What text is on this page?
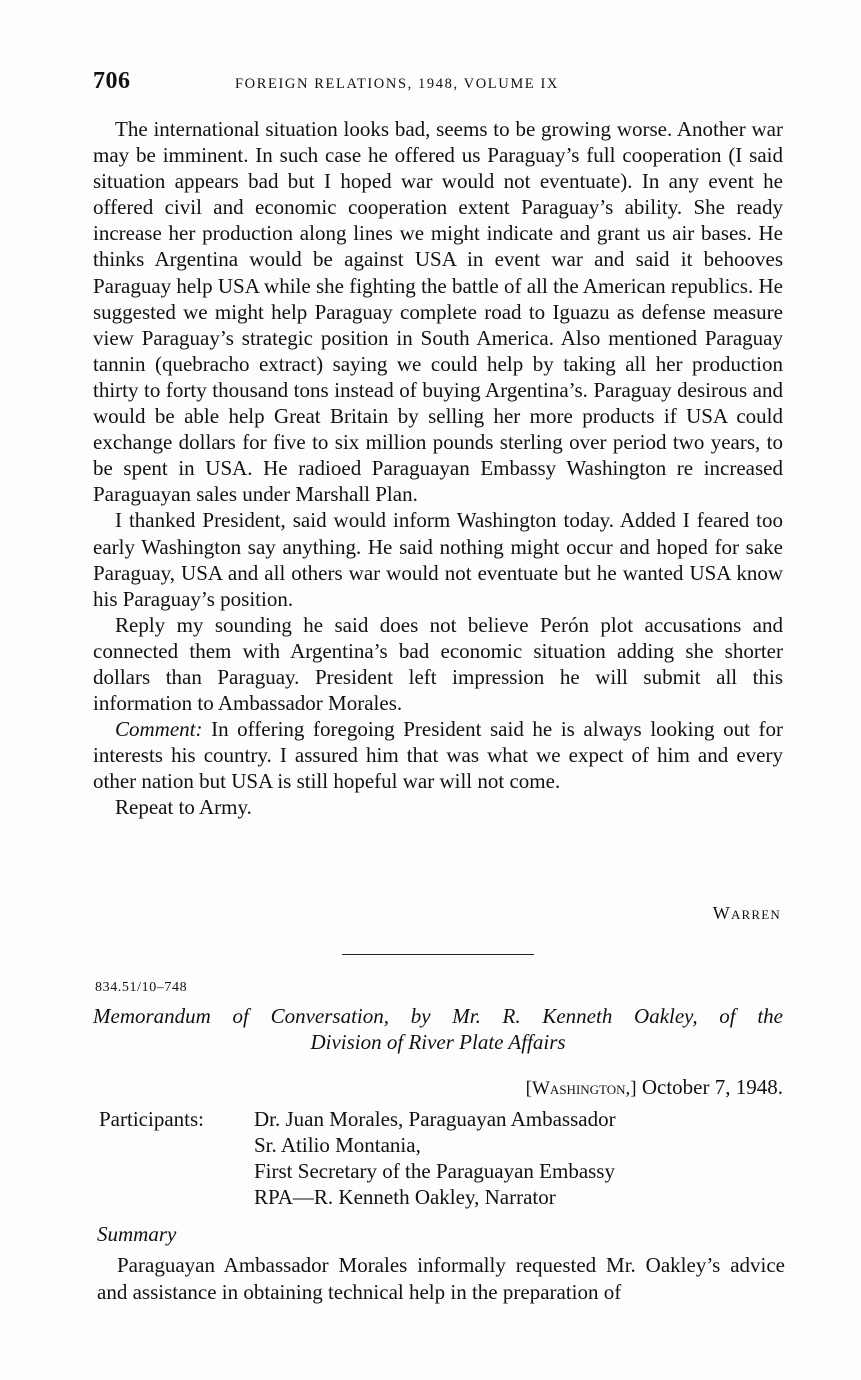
706	FOREIGN RELATIONS, 1948, VOLUME IX

The international situation looks bad, seems to be growing worse. Another war may be imminent. In such case he offered us Paraguay’s full cooperation (I said situation appears bad but I hoped war would not eventuate). In any event he offered civil and economic cooperation extent Paraguay’s ability. She ready increase her production along lines we might indicate and grant us air bases. He thinks Argentina would be against USA in event war and said it behooves Paraguay help USA while she fighting the battle of all the American republics. He suggested we might help Paraguay complete road to Iguazu as defense measure view Paraguay’s strategic position in South America. Also mentioned Paraguay tannin (quebracho extract) saying we could help by taking all her production thirty to forty thousand tons instead of buying Argentina’s. Paraguay desirous and would be able help Great Britain by selling her more products if USA could exchange dollars for five to six million pounds sterling over period two years, to be spent in USA. He radioed Paraguayan Embassy Washington re increased Paraguayan sales under Marshall Plan.

I thanked President, said would inform Washington today. Added I feared too early Washington say anything. He said nothing might occur and hoped for sake Paraguay, USA and all others war would not eventuate but he wanted USA know his Paraguay’s position.

Reply my sounding he said does not believe Perón plot accusations and connected them with Argentina’s bad economic situation adding she shorter dollars than Paraguay. President left impression he will submit all this information to Ambassador Morales.

Comment: In offering foregoing President said he is always looking out for interests his country. I assured him that was what we expect of him and every other nation but USA is still hopeful war will not come.

Repeat to Army.

Warren
834.51/10–748
Memorandum of Conversation, by Mr. R. Kenneth Oakley, of the
Division of River Plate Affairs
[Washington,] October 7, 1948.
Participants: Dr. Juan Morales, Paraguayan Ambassador
Sr. Atilio Montania,
First Secretary of the Paraguayan Embassy
RPA—R. Kenneth Oakley, Narrator
Summary

Paraguayan Ambassador Morales informally requested Mr. Oakley’s advice and assistance in obtaining technical help in the preparation of
